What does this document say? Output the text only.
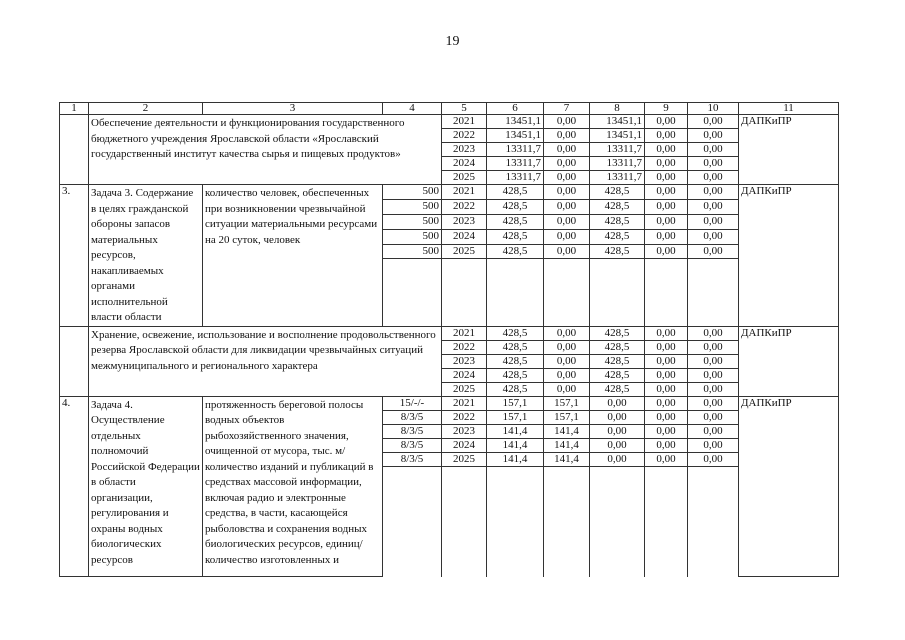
19
1	2	3	4	5	6	7	8	9	10	11
	Обеспечение деятельности и функционирования государственного бюджетного учреждения Ярославской области «Ярославский государственный институт качества сырья и пищевых продуктов»			2021	13451,1	0,00	13451,1	0,00	0,00	ДАПКиПР
				2022	13451,1	0,00	13451,1	0,00	0,00	
				2023	13311,7	0,00	13311,7	0,00	0,00	
				2024	13311,7	0,00	13311,7	0,00	0,00	
				2025	13311,7	0,00	13311,7	0,00	0,00	
3.	Задача 3. Содержание в целях гражданской обороны запасов материальных ресурсов, накапливаемых органами исполнительной власти области	количество человек, обеспеченных при возникновении чрезвычайной ситуации материальными ресурсами на 20 суток, человек	500	2021	428,5	0,00	428,5	0,00	0,00	ДАПКиПР
			500	2022	428,5	0,00	428,5	0,00	0,00	
			500	2023	428,5	0,00	428,5	0,00	0,00	
			500	2024	428,5	0,00	428,5	0,00	0,00	
			500	2025	428,5	0,00	428,5	0,00	0,00	

	Хранение, освежение, использование и восполнение продовольственного резерва Ярославской области для ликвидации чрезвычайных ситуаций межмуниципального и регионального характера			2021	428,5	0,00	428,5	0,00	0,00	ДАПКиПР
				2022	428,5	0,00	428,5	0,00	0,00	
				2023	428,5	0,00	428,5	0,00	0,00	
				2024	428,5	0,00	428,5	0,00	0,00	
				2025	428,5	0,00	428,5	0,00	0,00	
4.	Задача 4. Осуществление отдельных полномочий Российской Федерации в области организации, регулирования и охраны водных биологических ресурсов	протяженность береговой полосы водных объектов рыбохозяйственного значения, очищенной от мусора, тыс. м/ количество изданий и публикаций в средствах массовой информации, включая радио и электронные средства, в части, касающейся рыболовства и сохранения водных биологических ресурсов, единиц/ количество изготовленных и	15/-/-	2021	157,1	157,1	0,00	0,00	0,00	ДАПКиПР
			8/3/5	2022	157,1	157,1	0,00	0,00	0,00	
			8/3/5	2023	141,4	141,4	0,00	0,00	0,00	
			8/3/5	2024	141,4	141,4	0,00	0,00	0,00	
			8/3/5	2025	141,4	141,4	0,00	0,00	0,00	
